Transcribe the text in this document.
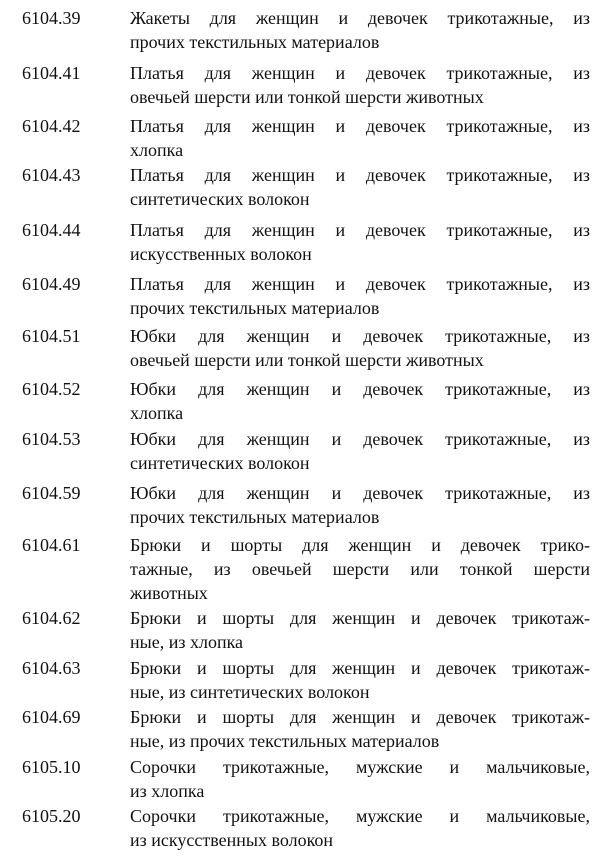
6104.39	Жакеты для женщин и девочек трикотажные, из
прочих текстильных материалов
6104.41	Платья для женщин и девочек трикотажные, из
овечьей шерсти или тонкой шерсти животных
6104.42	Платья для женщин и девочек трикотажные, из
хлопка
6104.43	Платья для женщин и девочек трикотажные, из
синтетических волокон
6104.44	Платья для женщин и девочек трикотажные, из
искусственных волокон
6104.49	Платья для женщин и девочек трикотажные, из
прочих текстильных материалов
6104.51	Юбки для женщин и девочек трикотажные, из
овечьей шерсти или тонкой шерсти животных
6104.52	Юбки для женщин и девочек трикотажные, из
хлопка
6104.53	Юбки для женщин и девочек трикотажные, из
синтетических волокон
6104.59	Юбки для женщин и девочек трикотажные, из
прочих текстильных материалов
6104.61	Брюки и шорты для женщин и девочек трико-
тажные, из овечьей шерсти или тонкой шерсти
животных
6104.62	Брюки и шорты для женщин и девочек трикотаж-
ные, из хлопка
6104.63	Брюки и шорты для женщин и девочек трикотаж-
ные, из синтетических волокон
6104.69	Брюки и шорты для женщин и девочек трикотаж-
ные, из прочих текстильных материалов
6105.10	Сорочки трикотажные, мужские и мальчиковые,
из хлопка
6105.20	Сорочки трикотажные, мужские и мальчиковые,
из искусственных волокон
